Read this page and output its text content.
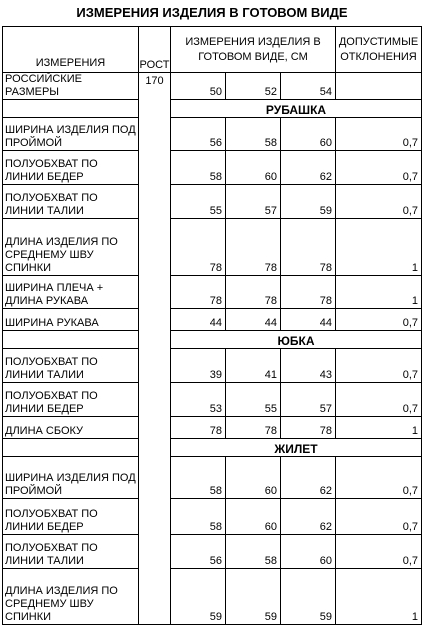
ИЗМЕРЕНИЯ ИЗДЕЛИЯ В ГОТОВОМ ВИДЕ
ИЗМЕРЕНИЯ	РОСТ	ИЗМЕРЕНИЯ ИЗДЕЛИЯ В ГОТОВОМ ВИДЕ, СМ			ДОПУСТИМЫЕ ОТКЛОНЕНИЯ
РОССИЙСКИЕ РАЗМЕРЫ	170	50	52	54	
		РУБАШКА			
ШИРИНА ИЗДЕЛИЯ ПОД ПРОЙМОЙ		56	58	60	0,7
ПОЛУОБХВАТ ПО ЛИНИИ БЕДЕР		58	60	62	0,7
ПОЛУОБХВАТ ПО ЛИНИИ ТАЛИИ		55	57	59	0,7
ДЛИНА ИЗДЕЛИЯ ПО СРЕДНЕМУ ШВУ СПИНКИ		78	78	78	1
ШИРИНА ПЛЕЧА + ДЛИНА РУКАВА		78	78	78	1
ШИРИНА РУКАВА		44	44	44	0,7
		ЮБКА			
ПОЛУОБХВАТ ПО ЛИНИИ ТАЛИИ		39	41	43	0,7
ПОЛУОБХВАТ ПО ЛИНИИ БЕДЕР		53	55	57	0,7
ДЛИНА СБОКУ		78	78	78	1
		ЖИЛЕТ			
ШИРИНА ИЗДЕЛИЯ ПОД ПРОЙМОЙ		58	60	62	0,7
ПОЛУОБХВАТ ПО ЛИНИИ БЕДЕР		58	60	62	0,7
ПОЛУОБХВАТ ПО ЛИНИИ ТАЛИИ		56	58	60	0,7
ДЛИНА ИЗДЕЛИЯ ПО СРЕДНЕМУ ШВУ СПИНКИ		59	59	59	1
